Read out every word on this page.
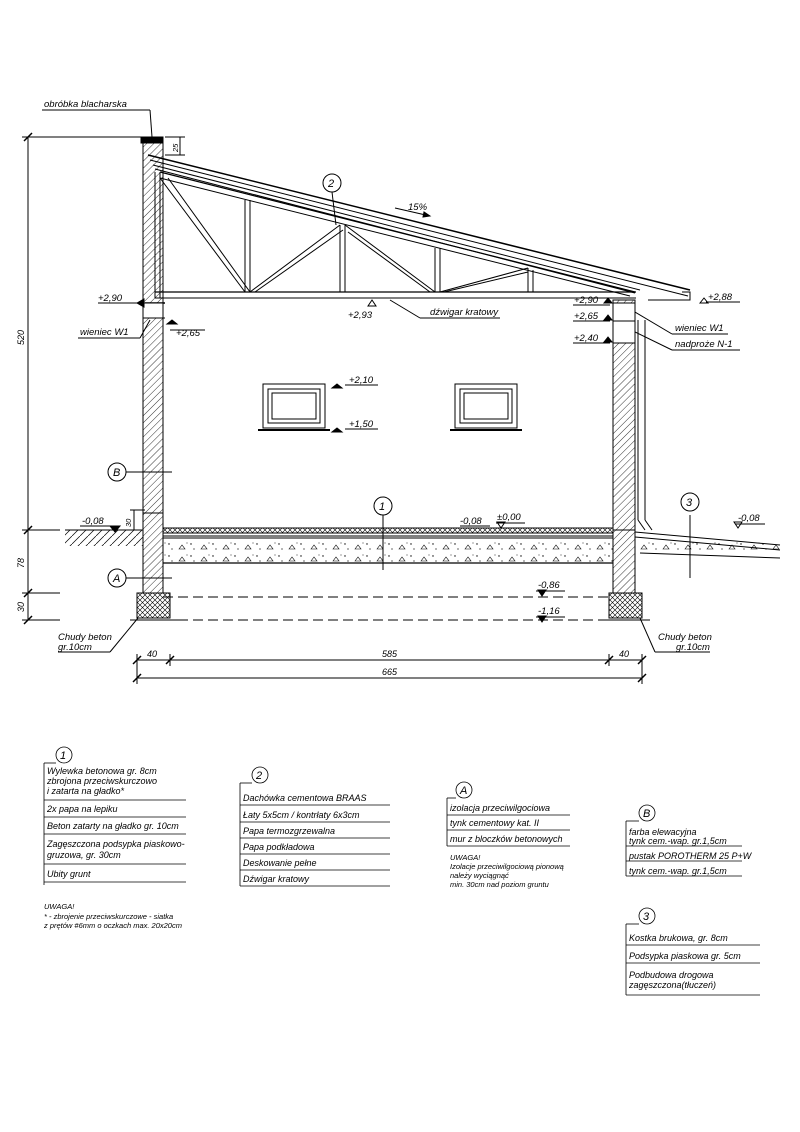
obróbka blacharska
dźwigar kratowy
wieniec W1	wieniec W1
nadproże N-1
Chudy beton
gr.10cm
Chudy beton
gr.10cm
15%
+2,90
+2,65
+2,93
+2,88
+2,90
+2,65
+2,40
+2,10
+1,50
-0,08	-0,08 ±0,00	-0,08
-0,86
-1,16
25
520
30
78
30
40	585	40
665
2
1	3
B
A
1
Wylewka betonowa gr. 8cm
zbrojona przeciwskurczowo
i zatarta na gładko*
2x papa na lepiku
Beton zatarty na gładko gr. 10cm
Zagęszczona podsypka piaskowo-
gruzowa, gr. 30cm
Ubity grunt
UWAGA!
* - zbrojenie przeciwskurczowe - siatka
z prętów #6mm o oczkach max. 20x20cm
2
Dachówka cementowa BRAAS
Łaty 5x5cm / kontrłaty 6x3cm
Papa termozgrzewalna
Papa podkładowa
Deskowanie pełne
Dźwigar kratowy
A
izolacja przeciwilgociowa
tynk cementowy kat. II
mur z bloczków betonowych
UWAGA!
Izolacje przeciwilgociową pionową
należy wyciągnąć
min. 30cm nad poziom gruntu
B
farba elewacyjna
tynk cem.-wap. gr.1,5cm
pustak POROTHERM 25 P+W
tynk cem.-wap. gr.1,5cm
3
Kostka brukowa, gr. 8cm
Podsypka piaskowa gr. 5cm
Podbudowa drogowa
zagęszczona(tłuczeń)
